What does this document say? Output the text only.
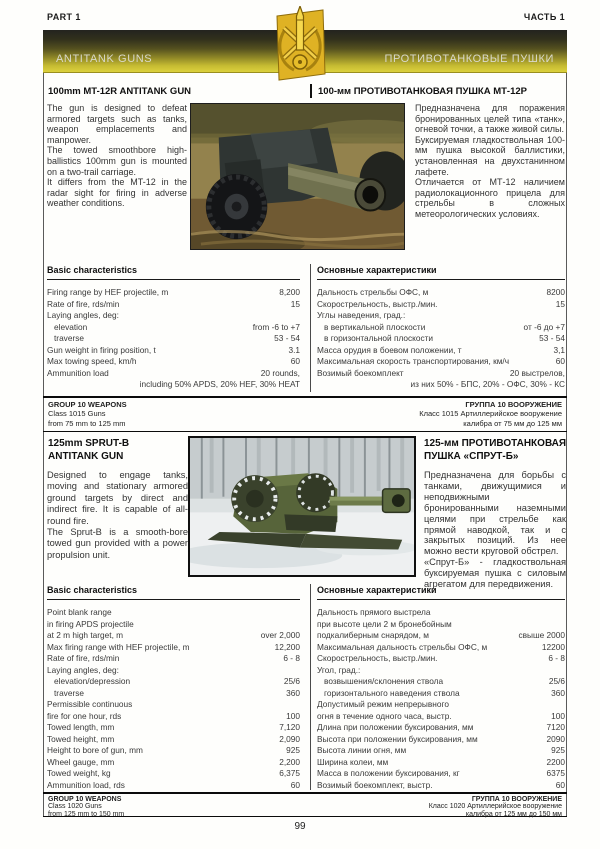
PART 1	ЧАСТЬ 1
ANTITANK GUNS	ПРОТИВОТАНКОВЫЕ ПУШКИ
100mm MT-12R ANTITANK GUN	100-мм ПРОТИВОТАНКОВАЯ ПУШКА МТ-12Р

The gun is designed to defeat armored targets such as tanks, weapon emplacements and manpower.

The towed smoothbore high-ballistics 100mm gun is mounted on a two-trail carriage.

It differs from the MT-12 in the radar sight for firing in adverse weather conditions.

Предназначена для поражения бронированных целей типа «танк», огневой точки, а также живой силы.

Буксируемая гладкоствольная 100-мм пушка высокой баллистики, установленная на двухстанинном лафете.

Отличается от МТ-12 наличием радиолокационного прицела для стрельбы в сложных метеорологических условиях.

Basic characteristics
Firing range by HEF projectile, m	8,200
Rate of fire, rds/min	15
Laying angles, deg:
elevation	from -6 to +7
traverse	53 - 54
Gun weight in firing position, t	3.1
Max towing speed, km/h	60
Ammunition load	20 rounds,
including 50% APDS, 20% HEF, 30% HEAT
Основные характеристики
Дальность стрельбы ОФС, м	8200
Скорострельность, выстр./мин.	15
Углы наведения, град.:
в вертикальной плоскости	от -6 до +7
в горизонтальной плоскости	53 - 54
Масса орудия в боевом положении, т	3,1
Максимальная скорость транспортирования, км/ч	60
Возимый боекомплект	20 выстрелов,
из них 50% - БПС, 20% - ОФС, 30% - КС
GROUP 10 WEAPONS
Class 1015 Guns
from 75 mm to 125 mm
ГРУППА 10 ВООРУЖЕНИЕ
Класс 1015 Артиллерийское вооружение
калибра от 75 мм до 125 мм
125mm SPRUT-B
ANTITANK GUN
125-мм ПРОТИВОТАНКОВАЯ
ПУШКА «СПРУТ-Б»

Designed to engage tanks, moving and stationary armored ground targets by direct and indirect fire. It is capable of all-round fire.

The Sprut-B is a smooth-bore towed gun provided with a power propulsion unit.

Предназначена для борьбы с танками, движущимися и неподвижными бронированными наземными целями при стрельбе как прямой наводкой, так и с закрытых позиций. Из нее можно вести круговой обстрел.

«Спрут-Б» - гладкоствольная буксируемая пушка с силовым агрегатом для передвижения.

Basic characteristics
Point blank range
in firing APDS projectile
at 2 m high target, m	over 2,000
Max firing range with HEF projectile, m	12,200
Rate of fire, rds/min	6 - 8
Laying angles, deg:
elevation/depression	25/6
traverse	360
Permissible continuous
fire for one hour, rds	100
Towed length, mm	7,120
Towed height, mm	2,090
Height to bore of gun, mm	925
Wheel gauge, mm	2,200
Towed weight, kg	6,375
Ammunition load, rds	60
Основные характеристики
Дальность прямого выстрела
при высоте цели 2 м бронебойным
подкалиберным снарядом, м	свыше 2000
Максимальная дальность стрельбы ОФС, м	12200
Скорострельность, выстр./мин.	6 - 8
Угол, град.:
возвышения/склонения ствола	25/6
горизонтального наведения ствола	360
Допустимый режим непрерывного
огня в течение одного часа, выстр.	100
Длина при положении буксирования, мм	7120
Высота при положении буксирования, мм	2090
Высота линии огня, мм	925
Ширина колеи, мм	2200
Масса в положении буксирования, кг	6375
Возимый боекомплект, выстр.	60
GROUP 10 WEAPONS
Class 1020 Guns
from 125 mm to 150 mm
ГРУППА 10 ВООРУЖЕНИЕ
Класс 1020 Артиллерийское вооружение
калибра от 125 мм до 150 мм
99
